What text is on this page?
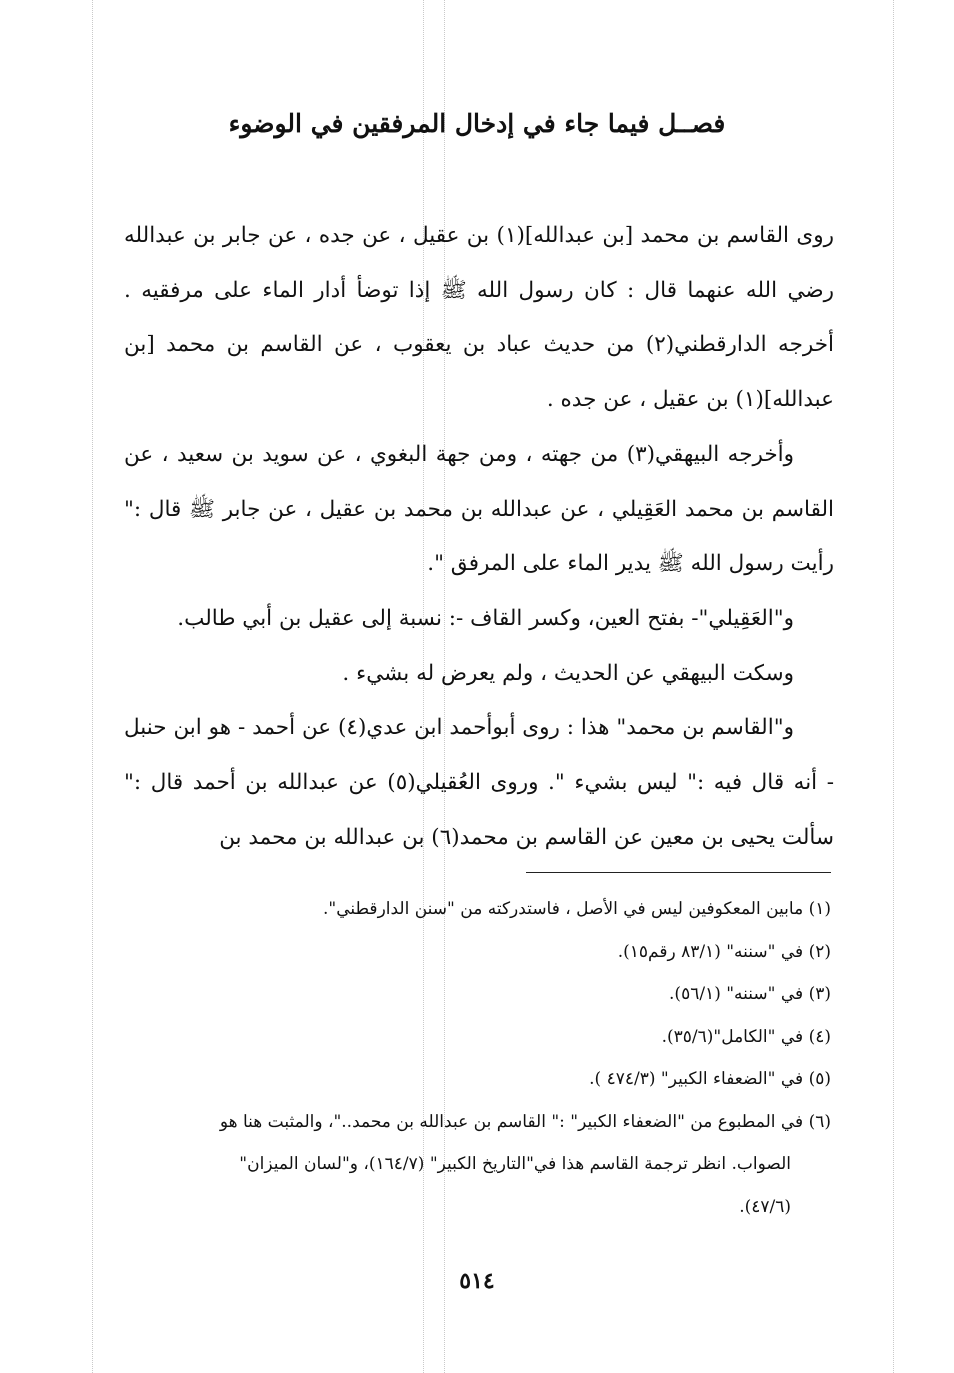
فصــل فيما جاء في إدخال المرفقين في الوضوء

روى القاسم بن محمد [بن عبدالله](١) بن عقيل ، عن جده ، عن جابر بن عبدالله رضي الله عنهما قال : كان رسول الله ﷺ إذا توضأ أدار الماء على مرفقيه . أخرجه الدارقطني(٢) من حديث عباد بن يعقوب ، عن القاسم بن محمد [بن عبدالله](١) بن عقيل ، عن جده .

وأخرجه البيهقي(٣) من جهته ، ومن جهة البغوي ، عن سويد بن سعيد ، عن القاسم بن محمد العَقِيلي ، عن عبدالله بن محمد بن عقيل ، عن جابر ﷺ قال :" رأيت رسول الله ﷺ يدير الماء على المرفق ".

و"العَقِيلي"- بفتح العين، وكسر القاف -: نسبة إلى عقيل بن أبي طالب.

وسكت البيهقي عن الحديث ، ولم يعرض له بشيء .

و"القاسم بن محمد" هذا : روى أبوأحمد ابن عدي(٤) عن أحمد - هو ابن حنبل - أنه قال فيه :" ليس بشيء ". وروى العُقيلي(٥) عن عبدالله بن أحمد قال :" سألت يحيى بن معين عن القاسم بن محمد(٦) بن عبدالله بن محمد بن

(١) مابين المعكوفين ليس في الأصل ، فاستدركته من "سنن الدارقطني".

(٢) في "سننه" (٨٣/١ رقم١٥).

(٣) في "سننه" (٥٦/١).

(٤) في "الكامل"(٣٥/٦).

(٥) في "الضعفاء الكبير" (٤٧٤/٣ ).

(٦) في المطبوع من "الضعفاء الكبير" :" القاسم بن عبدالله بن محمد.."، والمثبت هنا هو
الصواب. انظر ترجمة القاسم هذا في"التاريخ الكبير" (١٦٤/٧)، و"لسان الميزان"
(٤٧/٦).

٥١٤
